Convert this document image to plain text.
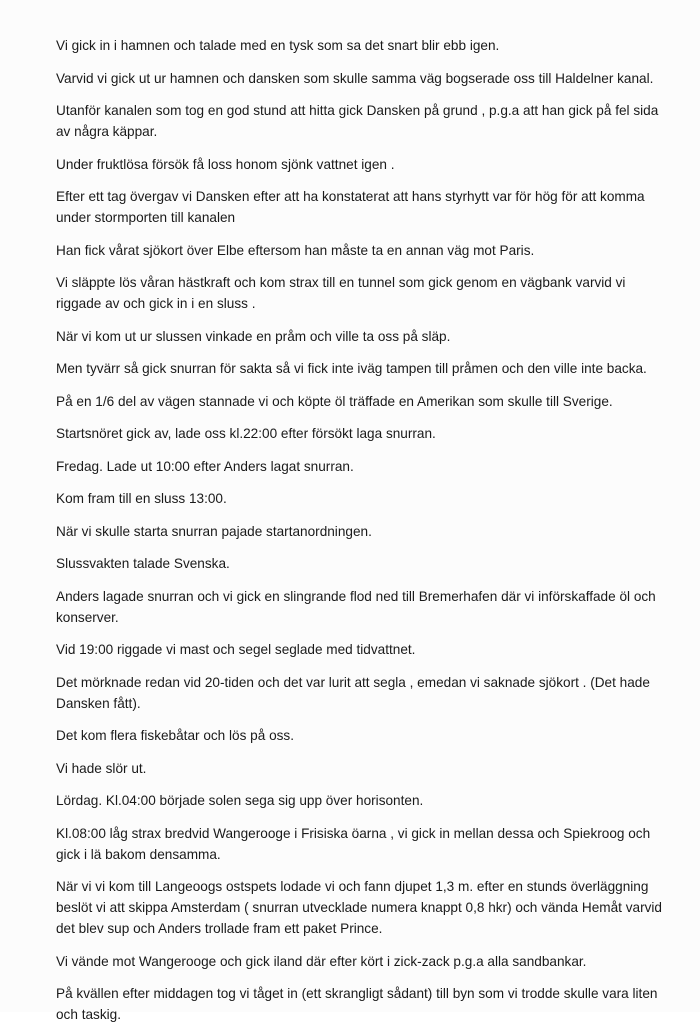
Vi gick in i hamnen och talade med en tysk som sa det snart blir ebb igen.

Varvid vi gick ut ur hamnen och dansken som skulle samma väg bogserade oss till Haldelner kanal.

Utanför kanalen som tog en god stund att hitta gick Dansken på grund , p.g.a att han gick på fel sida av några käppar.

Under fruktlösa försök få loss honom sjönk vattnet igen .

Efter ett tag övergav vi Dansken efter att ha konstaterat att hans styrhytt var för hög för att komma under stormporten till kanalen

Han fick vårat sjökort över Elbe eftersom han måste ta en annan väg mot Paris.

Vi släppte lös våran hästkraft och kom strax till en tunnel som gick genom en vägbank varvid vi riggade av och gick in i en sluss .

När vi kom ut ur slussen vinkade en pråm och ville ta oss på släp.

Men tyvärr så gick snurran för sakta så vi fick inte iväg tampen till pråmen och den ville inte backa.

På en 1/6 del av vägen stannade vi och köpte öl träffade en Amerikan som skulle till Sverige.

Startsnöret gick av, lade oss kl.22:00 efter försökt laga snurran.

Fredag. Lade ut 10:00 efter Anders lagat snurran.

Kom fram till en sluss 13:00.

När vi skulle starta snurran pajade startanordningen.

Slussvakten talade Svenska.

Anders lagade snurran och vi gick en slingrande flod ned till Bremerhafen där vi införskaffade öl och konserver.

Vid 19:00 riggade vi mast och segel seglade med tidvattnet.

Det mörknade redan vid 20-tiden och det var lurit att segla , emedan vi saknade sjökort . (Det hade Dansken fått).

Det kom flera fiskebåtar och lös på oss.

Vi hade slör ut.

Lördag. Kl.04:00 började solen sega sig upp över horisonten.

Kl.08:00 låg strax bredvid Wangerooge i Frisiska öarna , vi gick in mellan dessa och Spiekroog och gick i lä bakom densamma.

När vi vi kom till Langeoogs ostspets lodade vi och fann djupet 1,3 m. efter en stunds överläggning beslöt vi att skippa Amsterdam ( snurran utvecklade numera knappt 0,8 hkr) och vända Hemåt varvid det blev sup och Anders trollade fram ett paket Prince.

Vi vände mot Wangerooge och gick iland där efter kört i zick-zack p.g.a alla sandbankar.

På kvällen efter middagen tog vi tåget in (ett skrangligt sådant) till byn som vi trodde skulle vara liten och taskig.
